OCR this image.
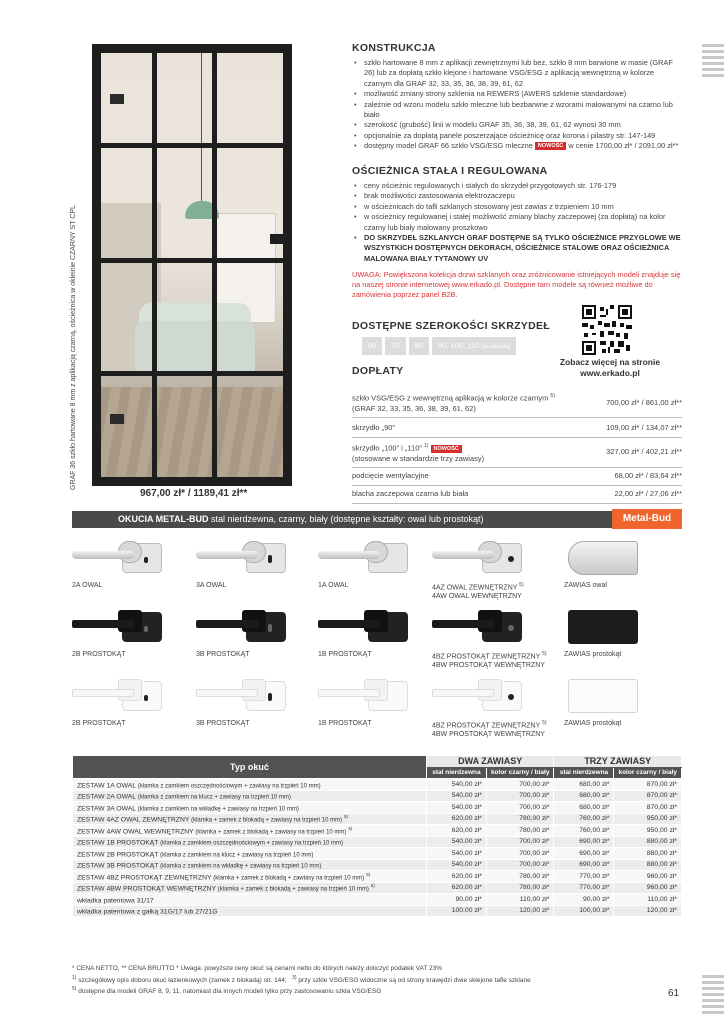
GRAF 36 szkło hartowane 8 mm z aplikacją czarną, ościeżnica w okleinie CZARNY ST CPL
967,00 zł* / 1189,41 zł**
KONSTRUKCJA
• szkło hartowane 8 mm z aplikacji zewnętrznymi lub bez, szkło 8 mm barwione w masie (GRAF 26) lub za dopłatą szkło klejone i hartowane VSG/ESG z aplikacją wewnętrzną w kolorze czarnym dla GRAF 32, 33, 35, 36, 38, 39, 61, 62
• możliwość zmiany strony szklenia na REWERS (AWERS szklenie standardowe)
• zależnie od wzoru modelu szkło mleczne lub bezbarwne z wzorami malowanymi na czarno lub biało
• szerokość (grubość) linii w modelu GRAF 35, 36, 38, 39, 61, 62 wynosi 30 mm
• opcjonalnie za dopłatą panele poszerzające ościeżnicę oraz korona i pilastry str. 147-149
• dostępny model GRAF 66 szkło VSG/ESG mleczne NOWOŚĆ w cenie 1700,00 zł* / 2091,00 zł**
OŚCIEŻNICA STAŁA I REGULOWANA
• ceny ościeżnic regulowanych i stałych do skrzydeł przygotowych str. 176-179
• brak możliwości zastosowania elektrozaczepu
• w ościeżnicach do tafli szklanych stosowany jest zawias z trzpieniem 10 mm
• w ościeżnicy regulowanej i stałej możliwość zmiany blachy zaczepowej (za dopłatą) na kolor czarny lub biały malowany proszkowo
• DO SKRZYDEŁ SZKLANYCH GRAF DOSTĘPNE SĄ TYLKO OŚCIEŻNICE PRZYGLOWE WE WSZYSTKICH DOSTĘPNYCH DEKORACH, OŚCIEŻNICE STALOWE ORAZ OŚCIEŻNICA MALOWANA BIAŁY TYTANOWY UV

UWAGA: Powiększona kolekcja drzwi szklanych oraz zróżnicowanie istniejących modeli znajduje się na naszej stronie internetowej www.erkado.pl. Dostępne tam modele są również możliwe do zamówienia poprzez panel B2B.

DOSTĘPNE SZEROKOŚCI SKRZYDEŁ
60	70	80	90, 100, 110 (za dopłatą)
Zobacz więcej na stronie
www.erkado.pl
DOPŁATY
szkło VSG/ESG z wewnętrzną aplikacją w kolorze czarnym $^{5)}$
(GRAF 32, 33, 35, 36, 38, 39, 61, 62)
700,00 zł* / 861,00 zł**
skrzydło „90”	109,00 zł* / 134,07 zł**
skrzydło „100” i „110” $^{1)}$ NOWOŚĆ
(stosowane w standardzie trzy zawiasy)
327,00 zł* / 402,21 zł**
podcięcie wentylacyjne	68,00 zł* / 83,64 zł**
blacha zaczepowa czarna lub biała	22,00 zł* / 27,06 zł**
OKUCIA METAL-BUD stal nierdzewna, czarny, biały (dostępne kształty: owal lub prostokąt)	Metal-Bud
2A OWAL	3A OWAL	1A OWAL	4AZ OWAL ZEWNĘTRZNY $^{5)}$
4AW OWAL WEWNĘTRZNY
ZAWIAS owal
2B PROSTOKĄT	3B PROSTOKĄT	1B PROSTOKĄT	4BZ PROSTOKĄT ZEWNĘTRZNY $^{5)}$
4BW PROSTOKĄT WEWNĘTRZNY
ZAWIAS prostokąt
2B PROSTOKĄT	3B PROSTOKĄT	1B PROSTOKĄT	4BZ PROSTOKĄT ZEWNĘTRZNY $^{5)}$
4BW PROSTOKĄT WEWNĘTRZNY
ZAWIAS prostokąt
Typ okuć	DWA ZAWIASY		TRZY ZAWIASY	
	stal nierdzewna	kolor czarny / biały	stal nierdzewna	kolor czarny / biały
ZESTAW 1A OWAL (klamka z zamkiem oszczędnościowym + zawiasy na trzpień 10 mm)	540,00 zł*	700,00 zł*	680,00 zł*	870,00 zł*
ZESTAW 2A OWAL (klamka z zamkiem na klucz + zawiasy na trzpień 10 mm)	540,00 zł*	700,00 zł*	680,00 zł*	870,00 zł*
ZESTAW 3A OWAL (klamka z zamkiem na wkładkę + zawiasy na trzpień 10 mm)	540,00 zł*	700,00 zł*	680,00 zł*	870,00 zł*
ZESTAW 4AZ OWAL ZEWNĘTRZNY (klamka + zamek z blokadą + zawiasy na trzpień 10 mm) $^{5)}$	620,00 zł*	780,00 zł*	760,00 zł*	950,00 zł*
ZESTAW 4AW OWAL WEWNĘTRZNY (klamka + zamek z blokadą + zawiasy na trzpień 10 mm) $^{5)}$	620,00 zł*	780,00 zł*	760,00 zł*	950,00 zł*
ZESTAW 1B PROSTOKĄT (klamka z zamkiem oszczędnościowym + zawiasy na trzpień 10 mm)	540,00 zł*	700,00 zł*	690,00 zł*	880,00 zł*
ZESTAW 2B PROSTOKĄT (klamka z zamkiem na klucz + zawiasy na trzpień 10 mm)	540,00 zł*	700,00 zł*	690,00 zł*	880,00 zł*
ZESTAW 3B PROSTOKĄT (klamka z zamkiem na wkładkę + zawiasy na trzpień 10 mm)	540,00 zł*	700,00 zł*	690,00 zł*	880,00 zł*
ZESTAW 4BZ PROSTOKĄT ZEWNĘTRZNY (klamka + zamek z blokadą + zawiasy na trzpień 10 mm) $^{5)}$	620,00 zł*	780,00 zł*	770,00 zł*	960,00 zł*
ZESTAW 4BW PROSTOKĄT WEWNĘTRZNY (klamka + zamek z blokadą + zawiasy na trzpień 10 mm) $^{5)}$	620,00 zł*	780,00 zł*	770,00 zł*	960,00 zł*
wkładka patentowa 31/17	90,00 zł*	110,00 zł*	90,00 zł*	110,00 zł*
wkładka patentowa z gałką 31G/17 lub 27/21G	100,00 zł*	120,00 zł*	100,00 zł*	120,00 zł*
* CENA NETTO, ** CENA BRUTTO * Uwaga: powyższe ceny okuć są cenami netto do których należy doliczyć podatek VAT 23%
$^{1)}$ szczegółowy opis doboru okuć łazienkowych (zamek z blokadą) str. 144; $^{3)}$ przy szkle VSG/ESG widoczne są od strony krawędzi dwie sklejone tafle szklane
$^{5)}$ dostępne dla modeli GRAF 8, 9, 11, natomiast dla innych modeli tylko przy zastosowaniu szkła VSG/ESG	61
